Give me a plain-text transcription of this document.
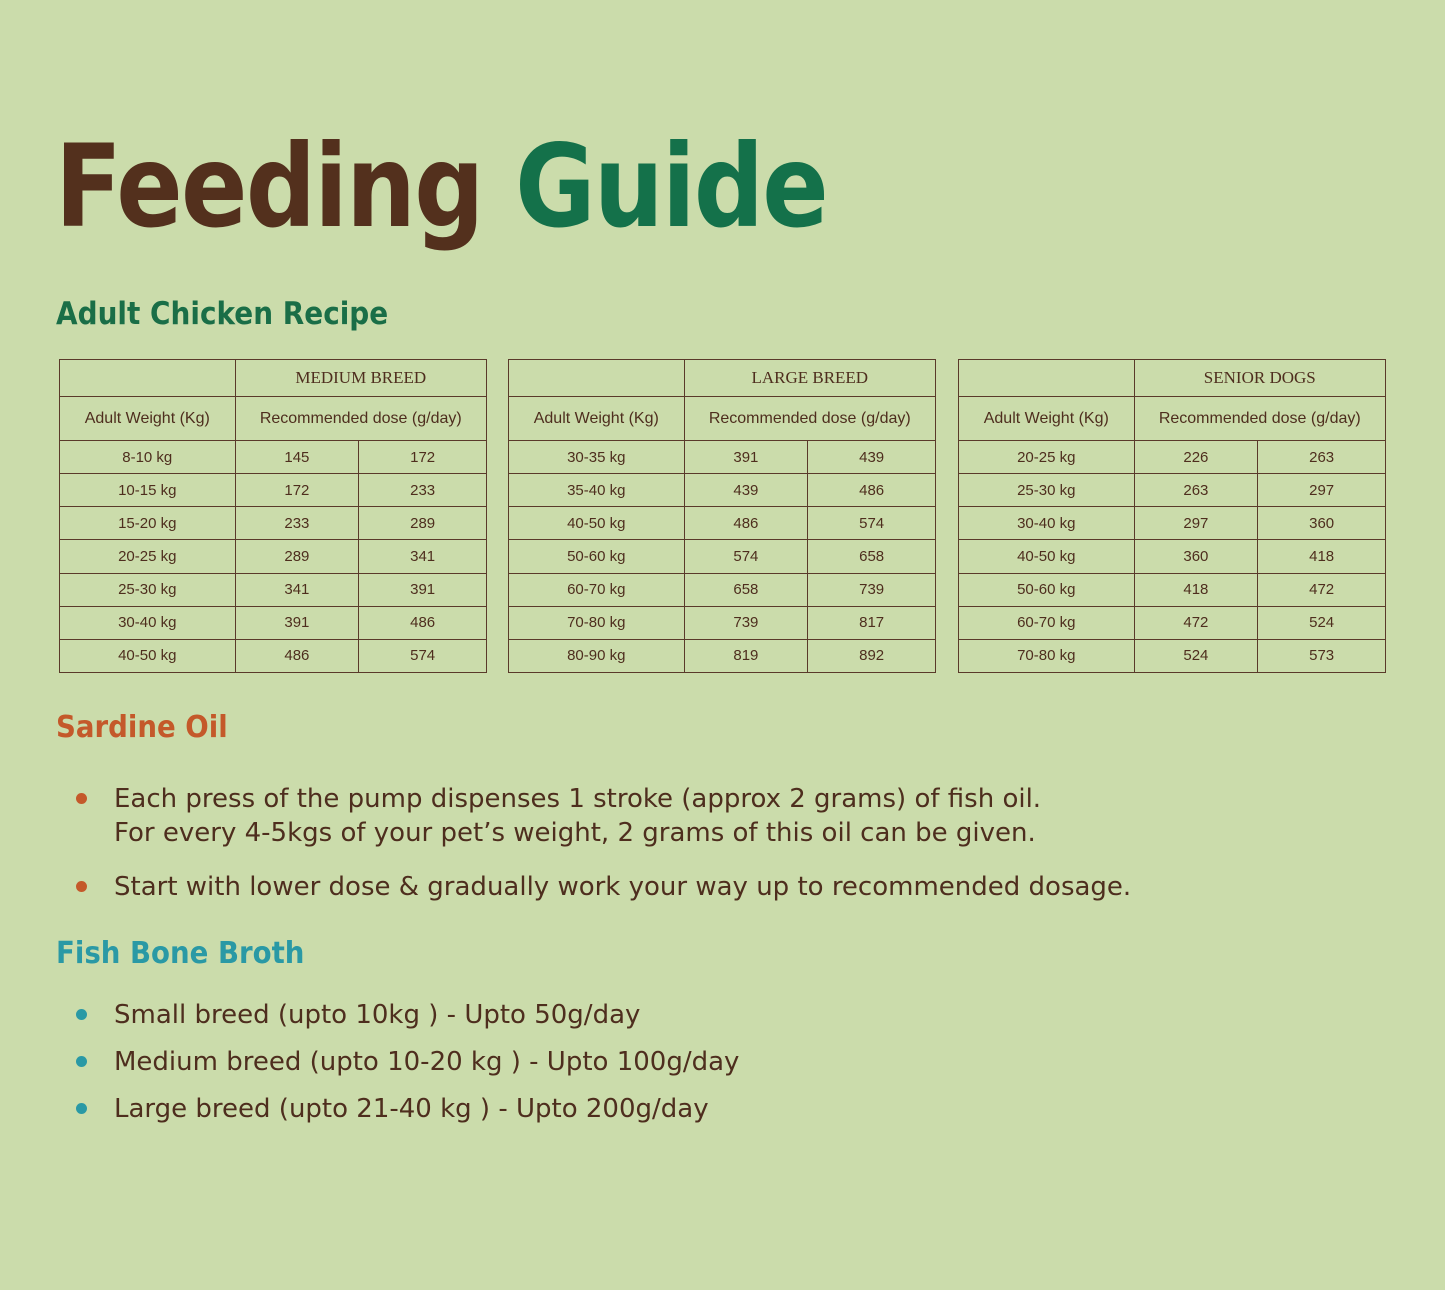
Feeding Guide
Adult Chicken Recipe
	MEDIUM BREED	
Adult Weight (Kg)	Recommended dose (g/day)	
8-10 kg	145	172
10-15 kg	172	233
15-20 kg	233	289
20-25 kg	289	341
25-30 kg	341	391
30-40 kg	391	486
40-50 kg	486	574
	LARGE BREED	
Adult Weight (Kg)	Recommended dose (g/day)	
30-35 kg	391	439
35-40 kg	439	486
40-50 kg	486	574
50-60 kg	574	658
60-70 kg	658	739
70-80 kg	739	817
80-90 kg	819	892
	SENIOR DOGS	
Adult Weight (Kg)	Recommended dose (g/day)	
20-25 kg	226	263
25-30 kg	263	297
30-40 kg	297	360
40-50 kg	360	418
50-60 kg	418	472
60-70 kg	472	524
70-80 kg	524	573
Sardine Oil
Each press of the pump dispenses 1 stroke (approx 2 grams) of fish oil.
For every 4-5kgs of your pet’s weight, 2 grams of this oil can be given.
Start with lower dose & gradually work your way up to recommended dosage.
Fish Bone Broth
Small breed (upto 10kg ) - Upto 50g/day
Medium breed (upto 10-20 kg ) - Upto 100g/day
Large breed (upto 21-40 kg ) - Upto 200g/day
